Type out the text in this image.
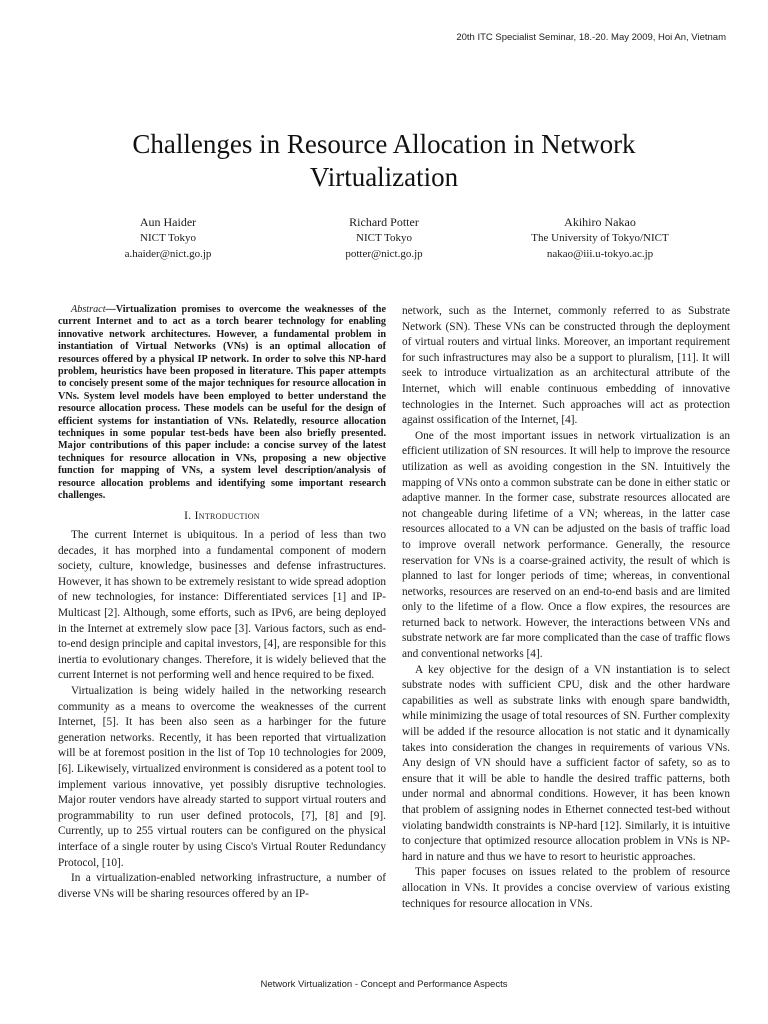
20th ITC Specialist Seminar, 18.-20. May 2009, Hoi An, Vietnam
Challenges in Resource Allocation in Network Virtualization
Aun Haider
NICT Tokyo
a.haider@nict.go.jp
Richard Potter
NICT Tokyo
potter@nict.go.jp
Akihiro Nakao
The University of Tokyo/NICT
nakao@iii.u-tokyo.ac.jp

Abstract—Virtualization promises to overcome the weaknesses of the current Internet and to act as a torch bearer technology for enabling innovative network architectures. However, a fundamental problem in instantiation of Virtual Networks (VNs) is an optimal allocation of resources offered by a physical IP network. In order to solve this NP-hard problem, heuristics have been proposed in literature. This paper attempts to concisely present some of the major techniques for resource allocation in VNs. System level models have been employed to better understand the resource allocation process. These models can be useful for the design of efficient systems for instantiation of VNs. Relatedly, resource allocation techniques in some popular test-beds have been also briefly presented. Major contributions of this paper include: a concise survey of the latest techniques for resource allocation in VNs, proposing a new objective function for mapping of VNs, a system level description/analysis of resource allocation problems and identifying some important research challenges.

I. Introduction

The current Internet is ubiquitous. In a period of less than two decades, it has morphed into a fundamental component of modern society, culture, knowledge, businesses and defense infrastructures. However, it has shown to be extremely resistant to wide spread adoption of new technologies, for instance: Differentiated services [1] and IP-Multicast [2]. Although, some efforts, such as IPv6, are being deployed in the Internet at extremely slow pace [3]. Various factors, such as end-to-end design principle and capital investors, [4], are responsible for this inertia to evolutionary changes. Therefore, it is widely believed that the current Internet is not performing well and hence required to be fixed.

Virtualization is being widely hailed in the networking research community as a means to overcome the weaknesses of the current Internet, [5]. It has been also seen as a harbinger for the future generation networks. Recently, it has been reported that virtualization will be at foremost position in the list of Top 10 technologies for 2009, [6]. Likewisely, virtualized environment is considered as a potent tool to implement various innovative, yet possibly disruptive technologies. Major router vendors have already started to support virtual routers and programmability to run user defined protocols, [7], [8] and [9]. Currently, up to 255 virtual routers can be configured on the physical interface of a single router by using Cisco's Virtual Router Redundancy Protocol, [10].

In a virtualization-enabled networking infrastructure, a number of diverse VNs will be sharing resources offered by an IP-

network, such as the Internet, commonly referred to as Substrate Network (SN). These VNs can be constructed through the deployment of virtual routers and virtual links. Moreover, an important requirement for such infrastructures may also be a support to pluralism, [11]. It will seek to introduce virtualization as an architectural attribute of the Internet, which will enable continuous embedding of innovative technologies in the Internet. Such approaches will act as protection against ossification of the Internet, [4].

One of the most important issues in network virtualization is an efficient utilization of SN resources. It will help to improve the resource utilization as well as avoiding congestion in the SN. Intuitively the mapping of VNs onto a common substrate can be done in either static or adaptive manner. In the former case, substrate resources allocated are not changeable during lifetime of a VN; whereas, in the latter case resources allocated to a VN can be adjusted on the basis of traffic load to improve overall network performance. Generally, the resource reservation for VNs is a coarse-grained activity, the result of which is planned to last for longer periods of time; whereas, in conventional networks, resources are reserved on an end-to-end basis and are limited only to the lifetime of a flow. Once a flow expires, the resources are returned back to network. However, the interactions between VNs and substrate network are far more complicated than the case of traffic flows and conventional networks [4].

A key objective for the design of a VN instantiation is to select substrate nodes with sufficient CPU, disk and the other hardware capabilities as well as substrate links with enough spare bandwidth, while minimizing the usage of total resources of SN. Further complexity will be added if the resource allocation is not static and it dynamically takes into consideration the changes in requirements of various VNs. Any design of VN should have a sufficient factor of safety, so as to ensure that it will be able to handle the desired traffic patterns, both under normal and abnormal conditions. However, it has been known that problem of assigning nodes in Ethernet connected test-bed without violating bandwidth constraints is NP-hard [12]. Similarly, it is intuitive to conjecture that optimized resource allocation problem in VNs is NP-hard in nature and thus we have to resort to heuristic approaches.

This paper focuses on issues related to the problem of resource allocation in VNs. It provides a concise overview of various existing techniques for resource allocation in VNs.

Network Virtualization - Concept and Performance Aspects
